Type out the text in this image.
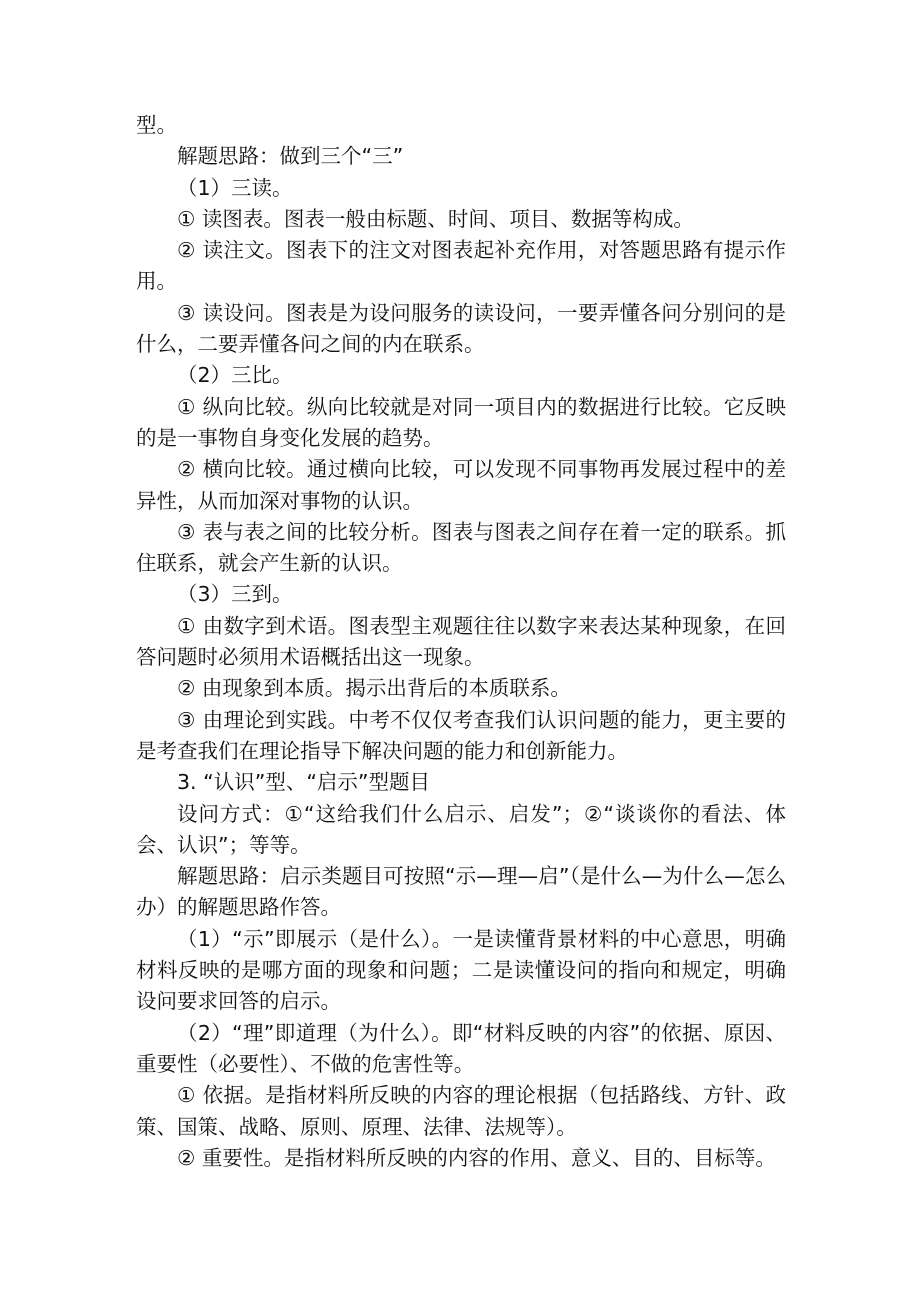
型。

解题思路：做到三个“三”

（1）三读。

① 读图表。图表一般由标题、时间、项目、数据等构成。

② 读注文。图表下的注文对图表起补充作用，对答题思路有提示作用。

③ 读设问。图表是为设问服务的读设问，一要弄懂各问分别问的是什么，二要弄懂各问之间的内在联系。

（2）三比。

① 纵向比较。纵向比较就是对同一项目内的数据进行比较。它反映的是一事物自身变化发展的趋势。

② 横向比较。通过横向比较，可以发现不同事物再发展过程中的差异性，从而加深对事物的认识。

③ 表与表之间的比较分析。图表与图表之间存在着一定的联系。抓住联系，就会产生新的认识。

（3）三到。

① 由数字到术语。图表型主观题往往以数字来表达某种现象，在回答问题时必须用术语概括出这一现象。

② 由现象到本质。揭示出背后的本质联系。

③ 由理论到实践。中考不仅仅考查我们认识问题的能力，更主要的是考查我们在理论指导下解决问题的能力和创新能力。

3. “认识”型、“启示”型题目

设问方式：①“这给我们什么启示、启发”；②“谈谈你的看法、体会、认识”；等等。

解题思路：启示类题目可按照“示—理—启”（是什么—为什么—怎么办）的解题思路作答。

（1）“示”即展示（是什么）。一是读懂背景材料的中心意思，明确材料反映的是哪方面的现象和问题；二是读懂设问的指向和规定，明确设问要求回答的启示。

（2）“理”即道理（为什么）。即“材料反映的内容”的依据、原因、重要性（必要性）、不做的危害性等。

① 依据。是指材料所反映的内容的理论根据（包括路线、方针、政策、国策、战略、原则、原理、法律、法规等）。

② 重要性。是指材料所反映的内容的作用、意义、目的、目标等。
